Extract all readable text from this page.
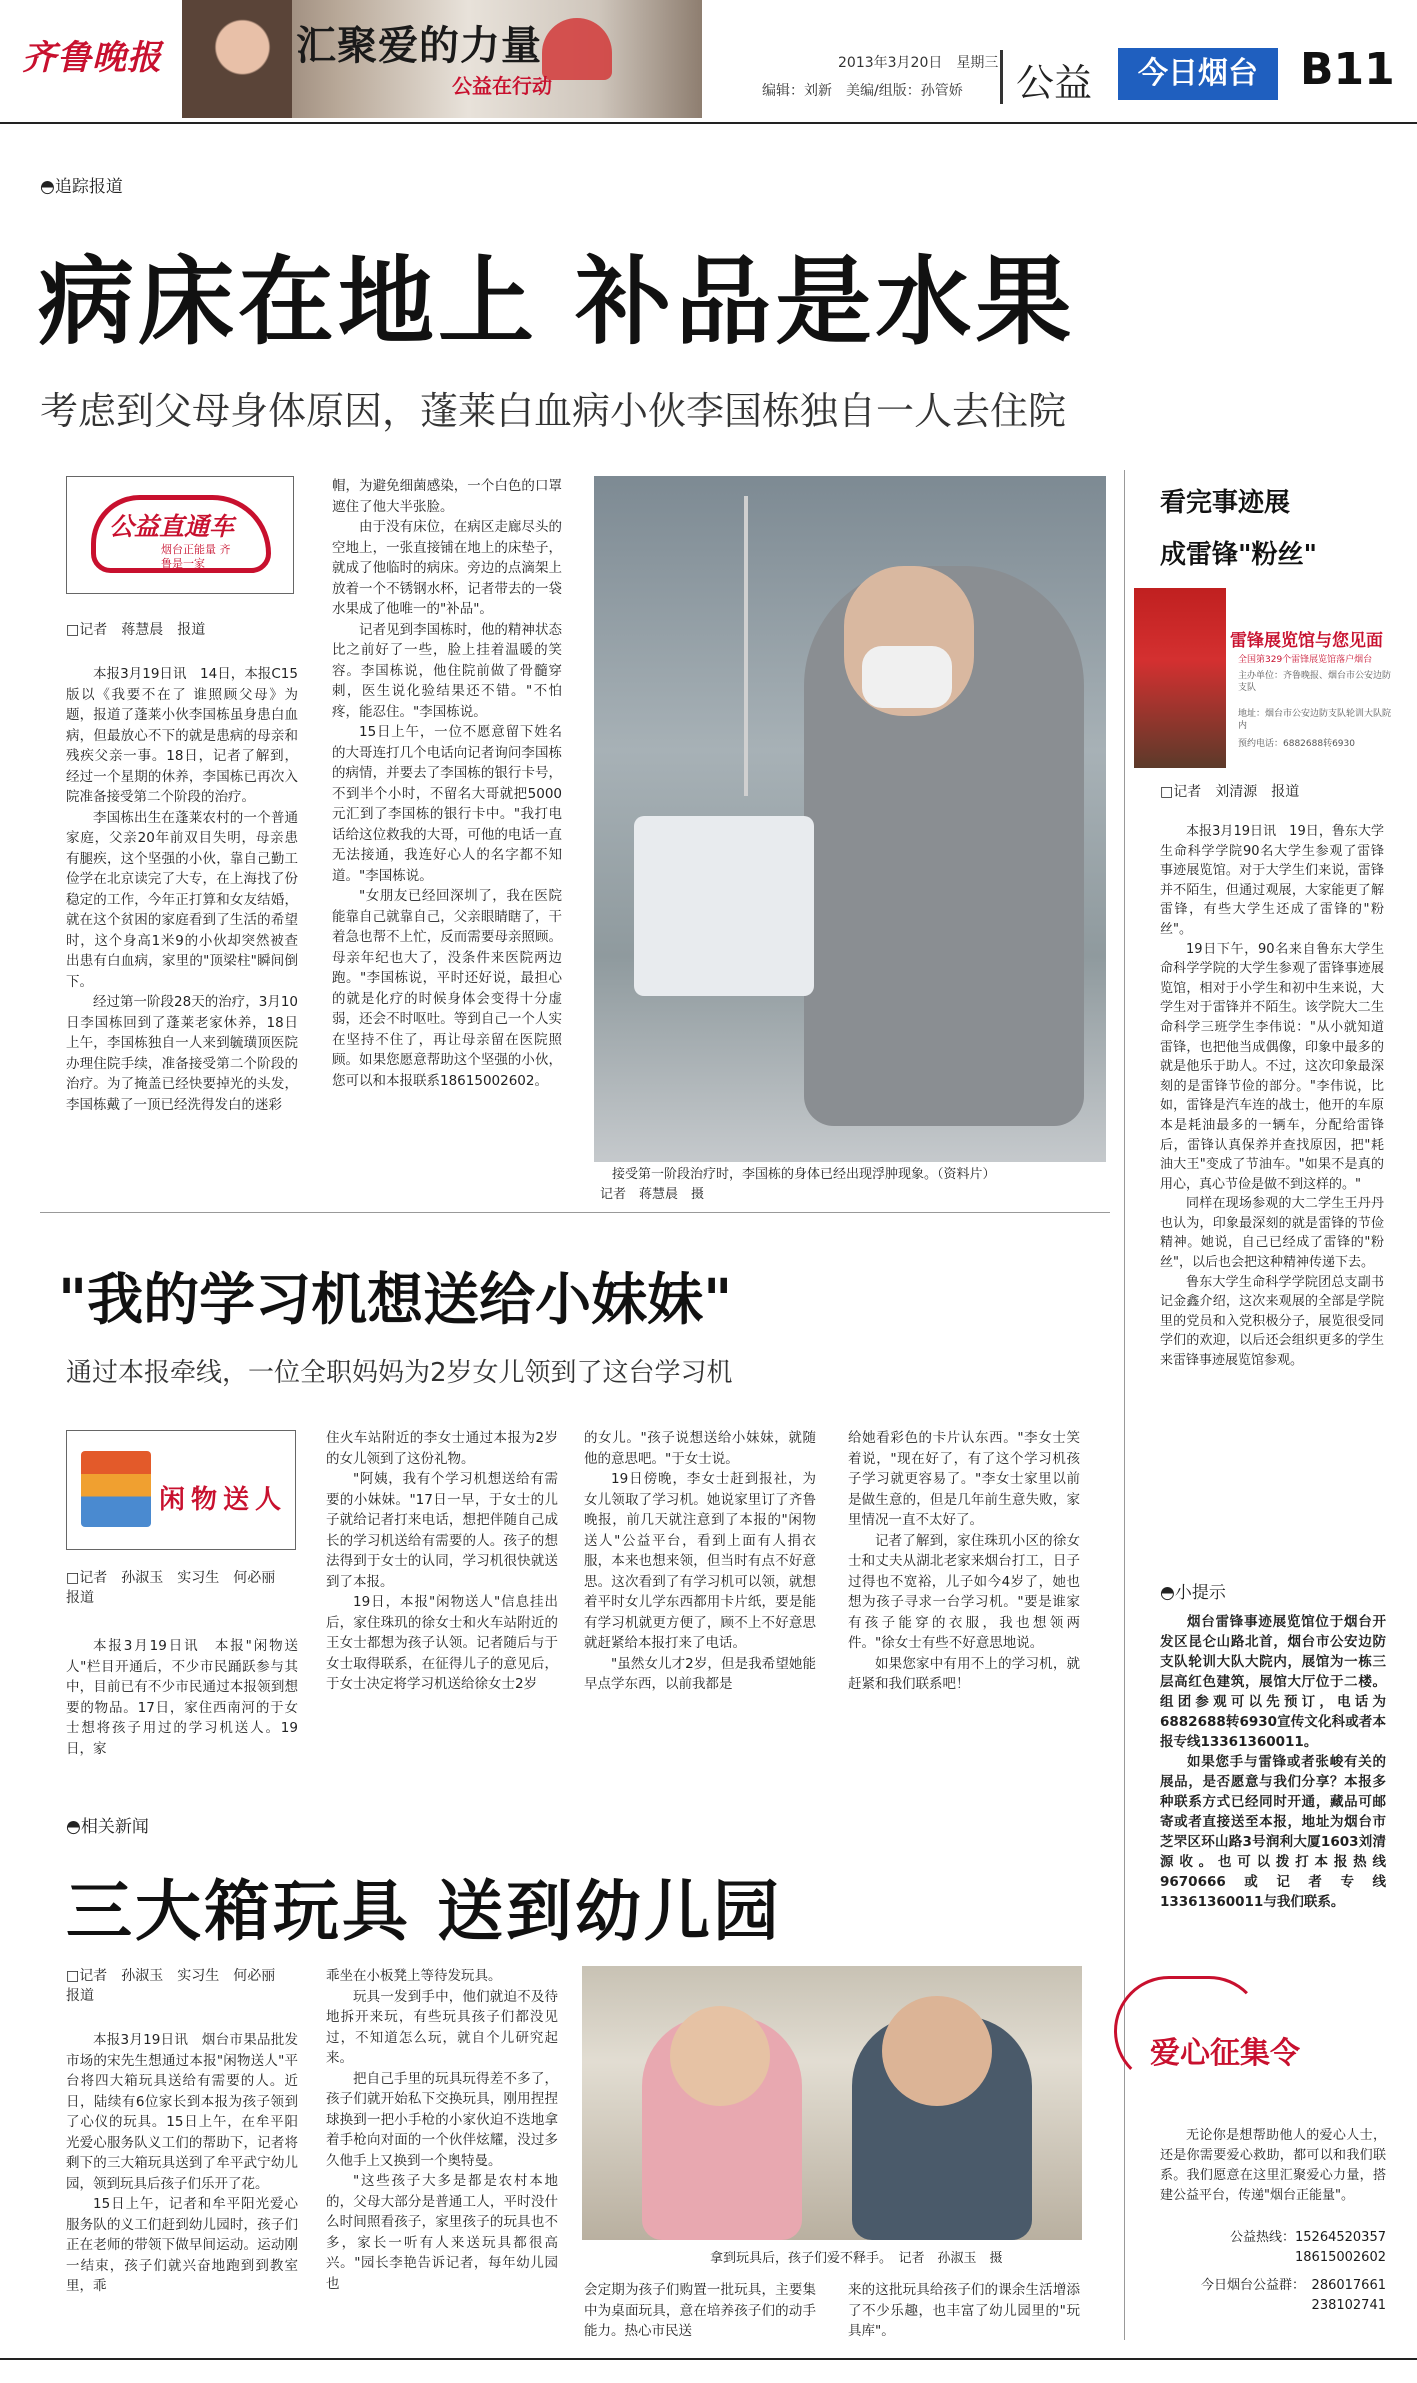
齐鲁晚报	汇聚爱的力量
公益在行动
2013年3月20日　星期三
编辑：刘新　美编/组版：孙管娇 公益	今日烟台 B11
◓追踪报道
病床在地上 补品是水果
考虑到父母身体原因，蓬莱白血病小伙李国栋独自一人去住院
公益直通车
烟台正能量 齐鲁是一家
□记者　蒋慧晨　报道

本报3月19日讯　14日，本报C15版以《我要不在了 谁照顾父母》为题，报道了蓬莱小伙李国栋虽身患白血病，但最放心不下的就是患病的母亲和残疾父亲一事。18日，记者了解到，经过一个星期的休养，李国栋已再次入院准备接受第二个阶段的治疗。

李国栋出生在蓬莱农村的一个普通家庭，父亲20年前双目失明，母亲患有腿疾，这个坚强的小伙，靠自己勤工俭学在北京读完了大专，在上海找了份稳定的工作，今年正打算和女友结婚，就在这个贫困的家庭看到了生活的希望时，这个身高1米9的小伙却突然被查出患有白血病，家里的"顶梁柱"瞬间倒下。

经过第一阶段28天的治疗，3月10日李国栋回到了蓬莱老家休养，18日上午，李国栋独自一人来到毓璜顶医院办理住院手续，准备接受第二个阶段的治疗。为了掩盖已经快要掉光的头发，李国栋戴了一顶已经洗得发白的迷彩

帽，为避免细菌感染，一个白色的口罩遮住了他大半张脸。

由于没有床位，在病区走廊尽头的空地上，一张直接铺在地上的床垫子，就成了他临时的病床。旁边的点滴架上放着一个不锈钢水杯，记者带去的一袋水果成了他唯一的"补品"。

记者见到李国栋时，他的精神状态比之前好了一些，脸上挂着温暖的笑容。李国栋说，他住院前做了骨髓穿刺，医生说化验结果还不错。"不怕疼，能忍住。"李国栋说。

15日上午，一位不愿意留下姓名的大哥连打几个电话向记者询问李国栋的病情，并要去了李国栋的银行卡号，不到半个小时，不留名大哥就把5000元汇到了李国栋的银行卡中。"我打电话给这位救我的大哥，可他的电话一直无法接通，我连好心人的名字都不知道。"李国栋说。

"女朋友已经回深圳了，我在医院能靠自己就靠自己，父亲眼睛瞎了，干着急也帮不上忙，反而需要母亲照顾。母亲年纪也大了，没条件来医院两边跑。"李国栋说，平时还好说，最担心的就是化疗的时候身体会变得十分虚弱，还会不时呕吐。等到自己一个人实在坚持不住了，再让母亲留在医院照顾。如果您愿意帮助这个坚强的小伙，您可以和本报联系18615002602。

接受第一阶段治疗时，李国栋的身体已经出现浮肿现象。（资料片）
记者　蒋慧晨　摄
看完事迹展
成雷锋"粉丝"
雷锋展览馆与您见面
全国第329个雷锋展览馆落户烟台
主办单位：齐鲁晚报、烟台市公安边防支队
地址：烟台市公安边防支队轮训大队院内
预约电话：6882688转6930
□记者　刘清源　报道

本报3月19日讯　19日，鲁东大学生命科学学院90名大学生参观了雷锋事迹展览馆。对于大学生们来说，雷锋并不陌生，但通过观展，大家能更了解雷锋，有些大学生还成了雷锋的"粉丝"。

19日下午，90名来自鲁东大学生命科学学院的大学生参观了雷锋事迹展览馆，相对于小学生和初中生来说，大学生对于雷锋并不陌生。该学院大二生命科学三班学生李伟说："从小就知道雷锋，也把他当成偶像，印象中最多的就是他乐于助人。不过，这次印象最深刻的是雷锋节俭的部分。"李伟说，比如，雷锋是汽车连的战士，他开的车原本是耗油最多的一辆车，分配给雷锋后，雷锋认真保养并查找原因，把"耗油大王"变成了节油车。"如果不是真的用心，真心节俭是做不到这样的。"

同样在现场参观的大二学生王丹丹也认为，印象最深刻的就是雷锋的节俭精神。她说，自己已经成了雷锋的"粉丝"，以后也会把这种精神传递下去。

鲁东大学生命科学学院团总支副书记金鑫介绍，这次来观展的全部是学院里的党员和入党积极分子，展览很受同学们的欢迎，以后还会组织更多的学生来雷锋事迹展览馆参观。

◓小提示

烟台雷锋事迹展览馆位于烟台开发区昆仑山路北首，烟台市公安边防支队轮训大队大院内，展馆为一栋三层高红色建筑，展馆大厅位于二楼。组团参观可以先预订，电话为6882688转6930宣传文化科或者本报专线13361360011。

如果您手与雷锋或者张峻有关的展品，是否愿意与我们分享？本报多种联系方式已经同时开通，藏品可邮寄或者直接送至本报，地址为烟台市芝罘区环山路3号润利大厦1603刘清源收。也可以拨打本报热线9670666或记者专线13361360011与我们联系。

爱心征集令
无论你是想帮助他人的爱心人士，还是你需要爱心救助，都可以和我们联系。我们愿意在这里汇聚爱心力量，搭建公益平台，传递"烟台正能量"。
公益热线：15264520357　18615002602
今日烟台公益群：　286017661　238102741
"我的学习机想送给小妹妹"
通过本报牵线，一位全职妈妈为2岁女儿领到了这台学习机
闲物送人
□记者　孙淑玉　实习生　何必丽　报道

本报3月19日讯　本报"闲物送人"栏目开通后，不少市民踊跃参与其中，目前已有不少市民通过本报领到想要的物品。17日，家住西南河的于女士想将孩子用过的学习机送人。19日，家

住火车站附近的李女士通过本报为2岁的女儿领到了这份礼物。

"阿姨，我有个学习机想送给有需要的小妹妹。"17日一早，于女士的儿子就给记者打来电话，想把伴随自己成长的学习机送给有需要的人。孩子的想法得到于女士的认同，学习机很快就送到了本报。

19日，本报"闲物送人"信息挂出后，家住珠玑的徐女士和火车站附近的王女士都想为孩子认领。记者随后与于女士取得联系，在征得儿子的意见后，于女士决定将学习机送给徐女士2岁

的女儿。"孩子说想送给小妹妹，就随他的意思吧。"于女士说。

19日傍晚，李女士赶到报社，为女儿领取了学习机。她说家里订了齐鲁晚报，前几天就注意到了本报的"闲物送人"公益平台，看到上面有人捐衣服，本来也想来领，但当时有点不好意思。这次看到了有学习机可以领，就想着平时女儿学东西都用卡片纸，要是能有学习机就更方便了，顾不上不好意思就赶紧给本报打来了电话。

"虽然女儿才2岁，但是我希望她能早点学东西，以前我都是

给她看彩色的卡片认东西。"李女士笑着说，"现在好了，有了这个学习机孩子学习就更容易了。"李女士家里以前是做生意的，但是几年前生意失败，家里情况一直不太好了。

记者了解到，家住珠玑小区的徐女士和丈夫从湖北老家来烟台打工，日子过得也不宽裕，儿子如今4岁了，她也想为孩子寻求一台学习机。"要是谁家有孩子能穿的衣服，我也想领两件。"徐女士有些不好意思地说。

如果您家中有用不上的学习机，就赶紧和我们联系吧！

◓相关新闻
三大箱玩具 送到幼儿园
□记者　孙淑玉　实习生　何必丽　报道

本报3月19日讯　烟台市果品批发市场的宋先生想通过本报"闲物送人"平台将四大箱玩具送给有需要的人。近日，陆续有6位家长到本报为孩子领到了心仪的玩具。15日上午，在牟平阳光爱心服务队义工们的帮助下，记者将剩下的三大箱玩具送到了牟平武宁幼儿园，领到玩具后孩子们乐开了花。

15日上午，记者和牟平阳光爱心服务队的义工们赶到幼儿园时，孩子们正在老师的带领下做早间运动。运动刚一结束，孩子们就兴奋地跑到到教室里，乖

乖坐在小板凳上等待发玩具。

玩具一发到手中，他们就迫不及待地拆开来玩，有些玩具孩子们都没见过，不知道怎么玩，就自个儿研究起来。

把自己手里的玩具玩得差不多了，孩子们就开始私下交换玩具，刚用捏捏球换到一把小手枪的小家伙迫不迭地拿着手枪向对面的一个伙伴炫耀，没过多久他手上又换到一个奥特曼。

"这些孩子大多是都是农村本地的，父母大部分是普通工人，平时没什么时间照看孩子，家里孩子的玩具也不多，家长一听有人来送玩具都很高兴。"园长李艳告诉记者，每年幼儿园也

拿到玩具后，孩子们爱不释手。　记者　孙淑玉　摄

会定期为孩子们购置一批玩具，主要集中为桌面玩具，意在培养孩子们的动手能力。热心市民送

来的这批玩具给孩子们的课余生活增添了不少乐趣，也丰富了幼儿园里的"玩具库"。
